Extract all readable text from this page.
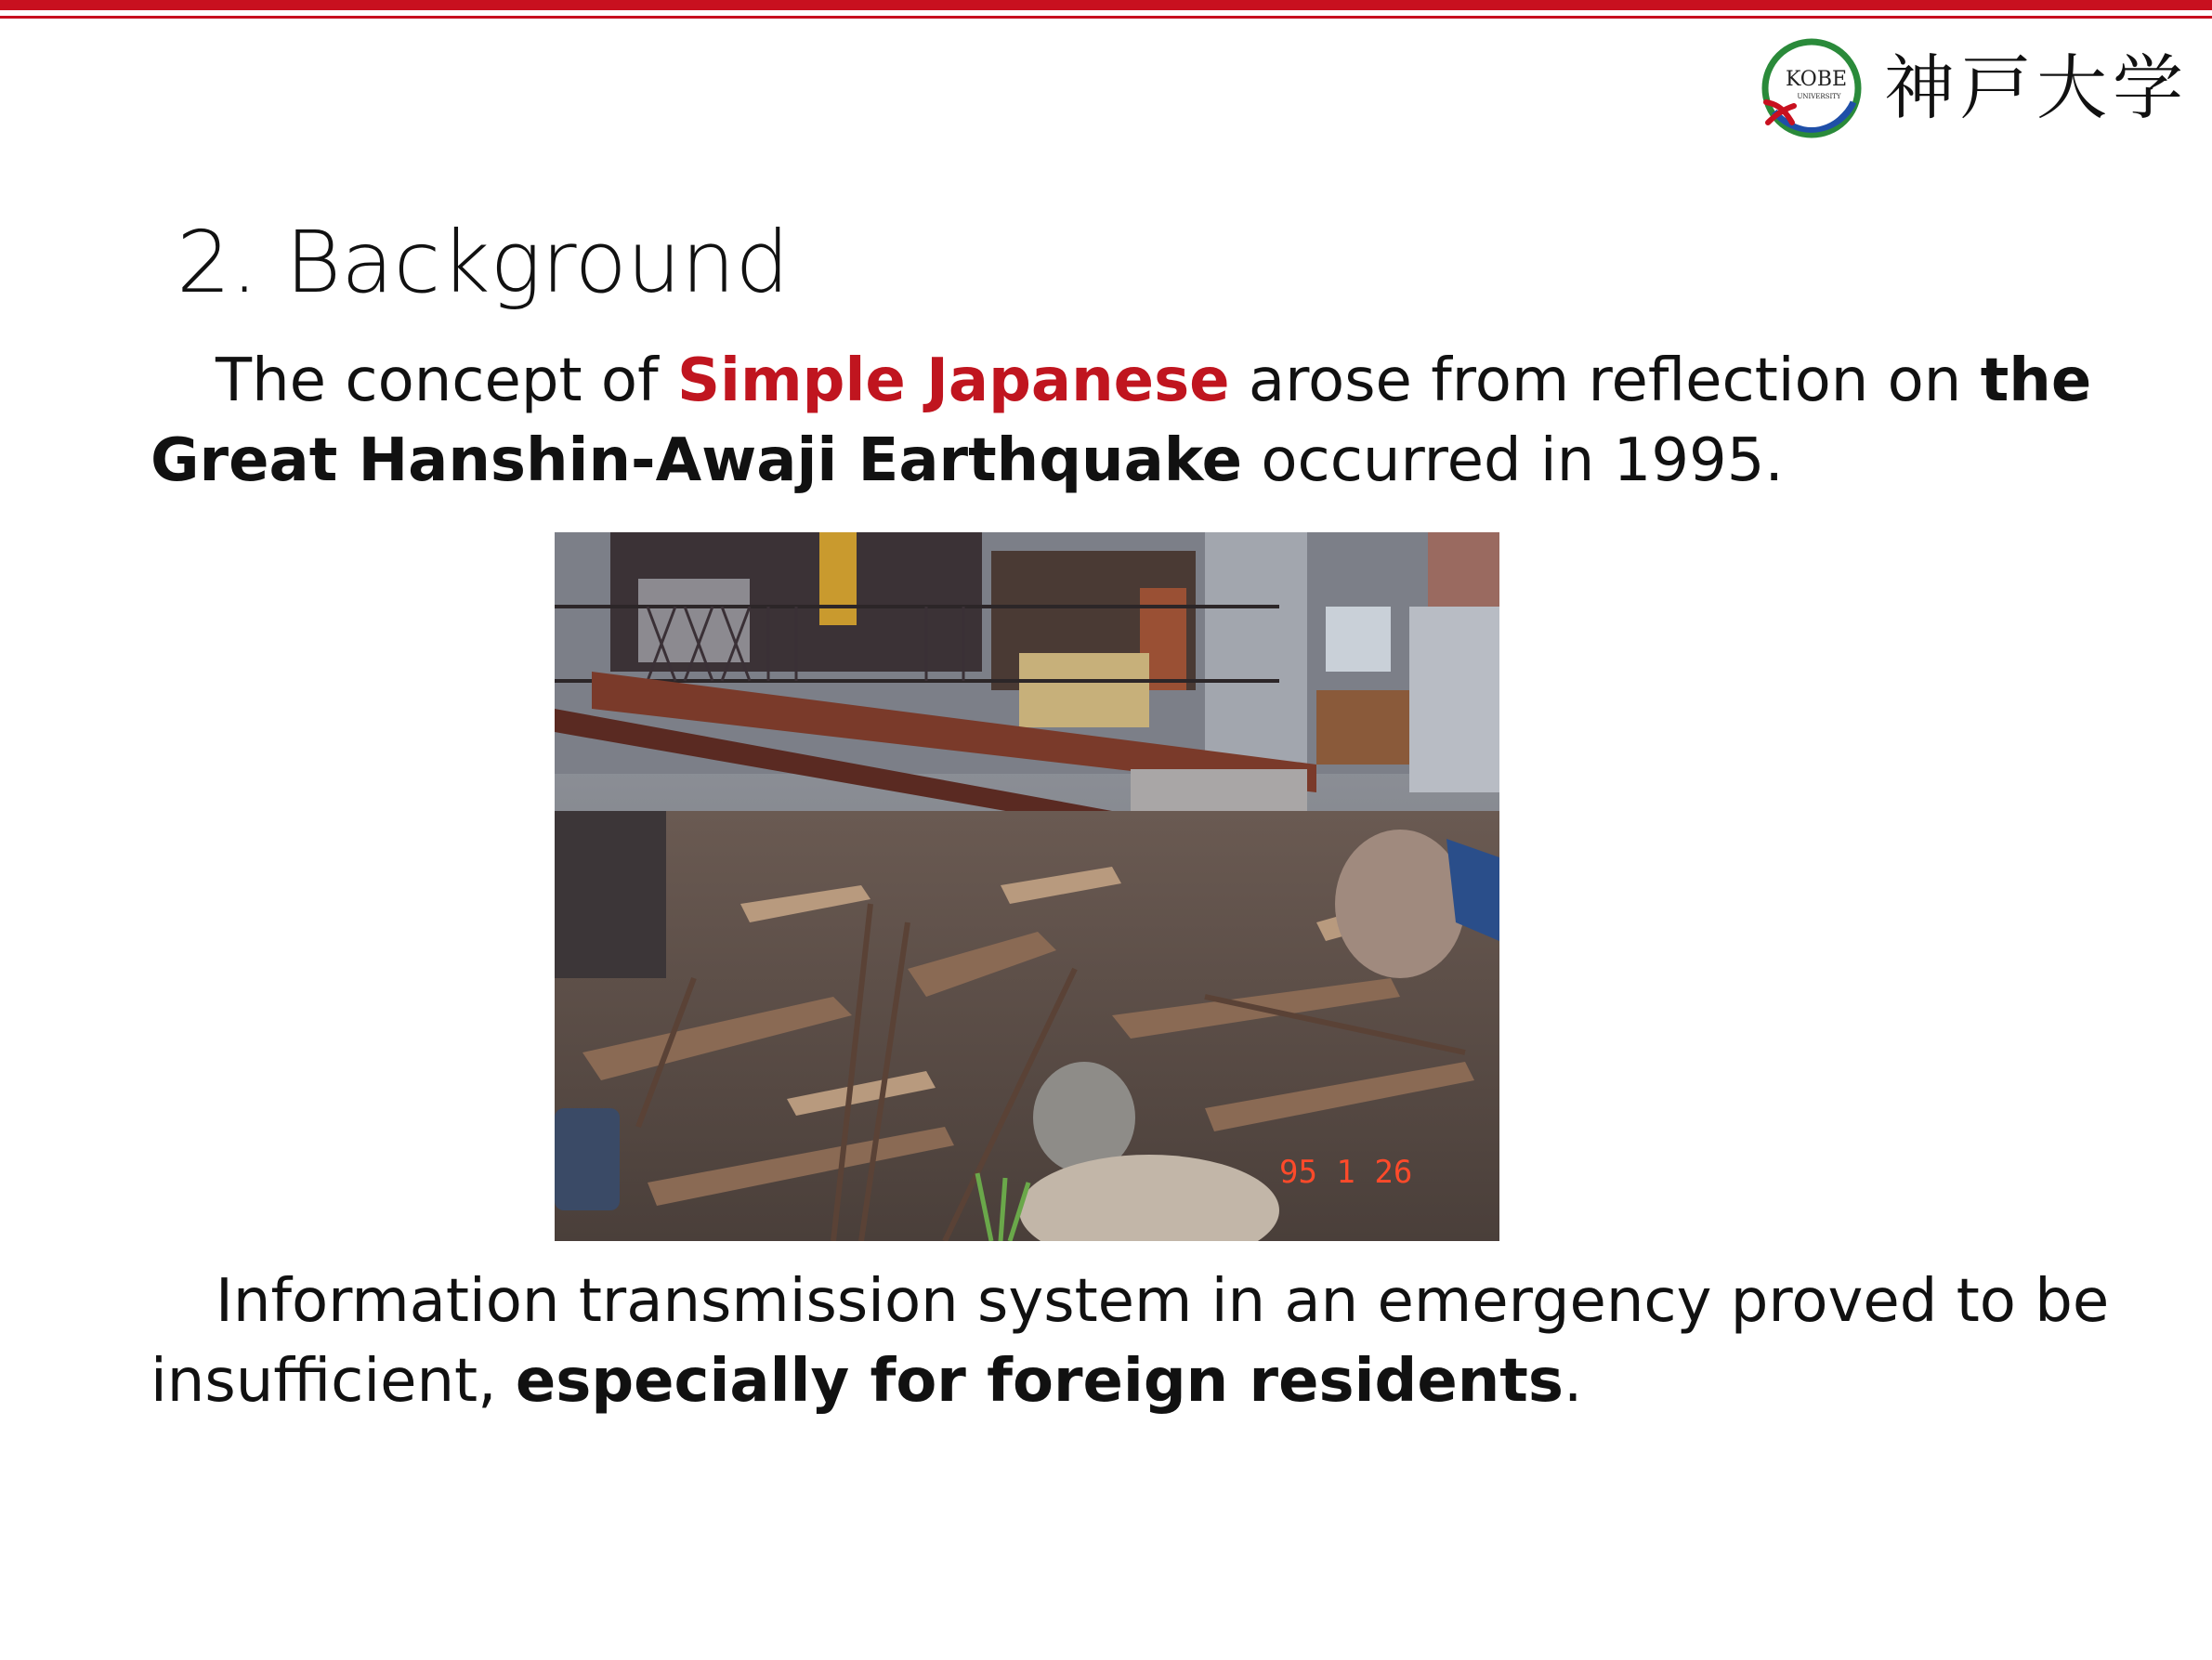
KOBE
UNIVERSITY 神戸大学
2. Background
The concept of Simple Japanese arose from reflection on the Great Hanshin-Awaji Earthquake occurred in 1995.
95 1 26
Information transmission system in an emergency proved to be insufficient, especially for foreign residents.
